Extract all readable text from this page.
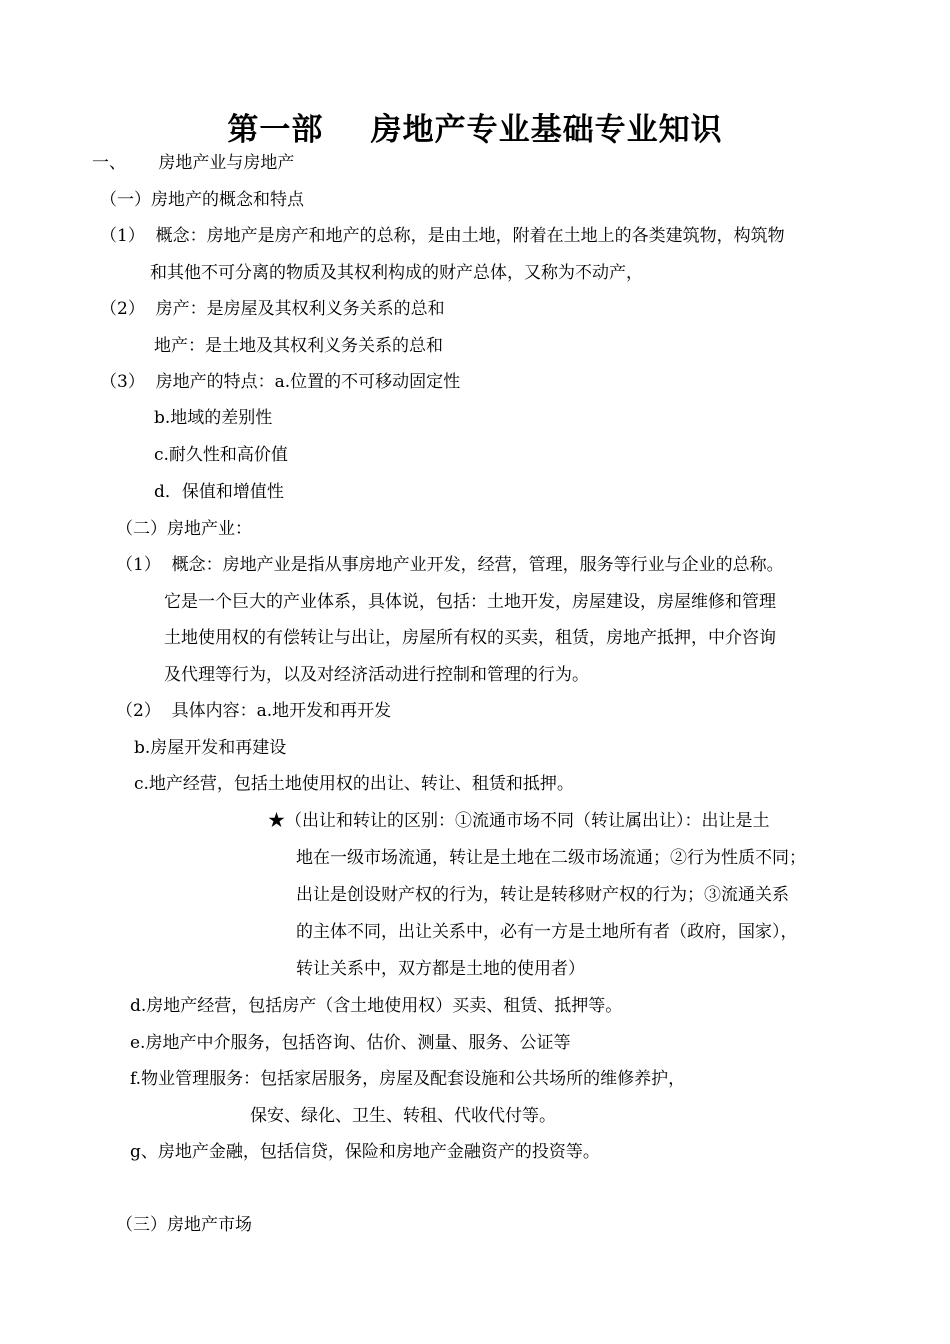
第一部    房地产专业基础专业知识
一、      房地产业与房地产
（一）房地产的概念和特点
（1）  概念：房地产是房产和地产的总称，是由土地，附着在土地上的各类建筑物，构筑物
和其他不可分离的物质及其权利构成的财产总体，又称为不动产，
（2）  房产：是房屋及其权利义务关系的总和
地产：是土地及其权利义务关系的总和
（3）  房地产的特点：a.位置的不可移动固定性
b.地域的差别性
c.耐久性和高价值
d．保值和增值性
（二）房地产业：
（1）  概念：房地产业是指从事房地产业开发，经营，管理，服务等行业与企业的总称。
它是一个巨大的产业体系，具体说，包括：土地开发，房屋建设，房屋维修和管理
土地使用权的有偿转让与出让，房屋所有权的买卖，租赁，房地产抵押，中介咨询
及代理等行为，以及对经济活动进行控制和管理的行为。
（2）  具体内容：a.地开发和再开发
b.房屋开发和再建设
c.地产经营，包括土地使用权的出让、转让、租赁和抵押。
★（出让和转让的区别：①流通市场不同（转让属出让）：出让是土
地在一级市场流通，转让是土地在二级市场流通；②行为性质不同；
出让是创设财产权的行为，转让是转移财产权的行为；③流通关系
的主体不同，出让关系中，必有一方是土地所有者（政府，国家），
转让关系中，双方都是土地的使用者）
d.房地产经营，包括房产（含土地使用权）买卖、租赁、抵押等。
e.房地产中介服务，包括咨询、估价、测量、服务、公证等
f.物业管理服务：包括家居服务，房屋及配套设施和公共场所的维修养护，
保安、绿化、卫生、转租、代收代付等。
g、房地产金融，包括信贷，保险和房地产金融资产的投资等。
（三）房地产市场
